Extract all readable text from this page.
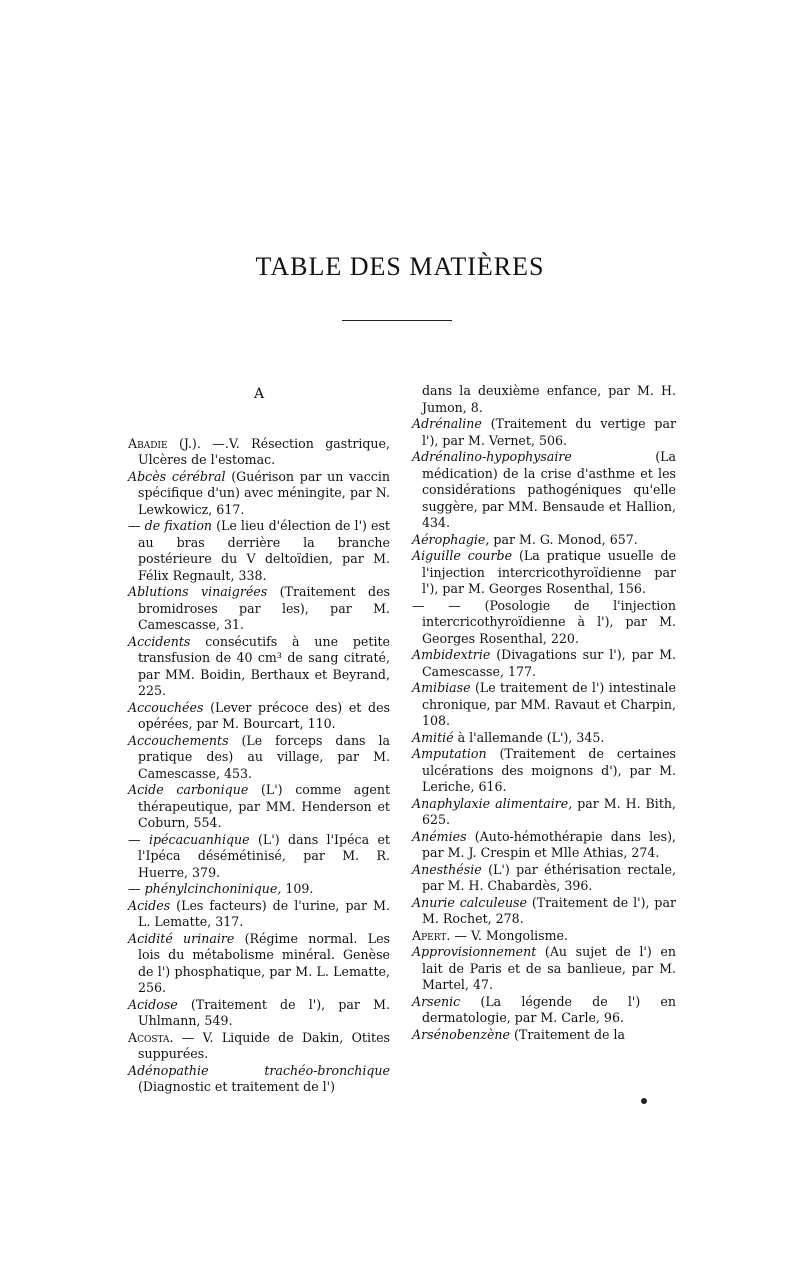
TABLE DES MATIÈRES
A

Abadie (J.). —.V. Résection gastrique, Ulcères de l'estomac.

Abcès cérébral (Guérison par un vaccin spécifique d'un) avec méningite, par N. Lewkowicz, 617.

— de fixation (Le lieu d'élection de l') est au bras derrière la branche postérieure du V deltoïdien, par M. Félix Regnault, 338.

Ablutions vinaigrées (Traitement des bromidroses par les), par M. Camescasse, 31.

Accidents consécutifs à une petite transfusion de 40 cm³ de sang citraté, par MM. Boidin, Berthaux et Beyrand, 225.

Accouchées (Lever précoce des) et des opérées, par M. Bourcart, 110.

Accouchements (Le forceps dans la pratique des) au village, par M. Camescasse, 453.

Acide carbonique (L') comme agent thérapeutique, par MM. Henderson et Coburn, 554.

— ipécacuanhique (L') dans l'Ipéca et l'Ipéca désémétinisé, par M. R. Huerre, 379.

— phénylcinchoninique, 109.

Acides (Les facteurs) de l'urine, par M. L. Lematte, 317.

Acidité urinaire (Régime normal. Les lois du métabolisme minéral. Genèse de l') phosphatique, par M. L. Lematte, 256.

Acidose (Traitement de l'), par M. Uhlmann, 549.

Acosta. — V. Liquide de Dakin, Otites suppurées.

Adénopathie trachéo-bronchique (Diagnostic et traitement de l')

dans la deuxième enfance, par M. H. Jumon, 8.

Adrénaline (Traitement du vertige par l'), par M. Vernet, 506.

Adrénalino-hypophysaire (La médication) de la crise d'asthme et les considérations pathogéniques qu'elle suggère, par MM. Bensaude et Hallion, 434.

Aérophagie, par M. G. Monod, 657.

Aiguille courbe (La pratique usuelle de l'injection intercricothyroïdienne par l'), par M. Georges Rosenthal, 156.

— — (Posologie de l'injection intercricothyroïdienne à l'), par M. Georges Rosenthal, 220.

Ambidextrie (Divagations sur l'), par M. Camescasse, 177.

Amibiase (Le traitement de l') intestinale chronique, par MM. Ravaut et Charpin, 108.

Amitié à l'allemande (L'), 345.

Amputation (Traitement de certaines ulcérations des moignons d'), par M. Leriche, 616.

Anaphylaxie alimentaire, par M. H. Bith, 625.

Anémies (Auto-hémothérapie dans les), par M. J. Crespin et Mlle Athias, 274.

Anesthésie (L') par éthérisation rectale, par M. H. Chabardès, 396.

Anurie calculeuse (Traitement de l'), par M. Rochet, 278.

Apert. — V. Mongolisme.

Approvisionnement (Au sujet de l') en lait de Paris et de sa banlieue, par M. Martel, 47.

Arsenic (La légende de l') en dermatologie, par M. Carle, 96.

Arsénobenzène (Traitement de la
